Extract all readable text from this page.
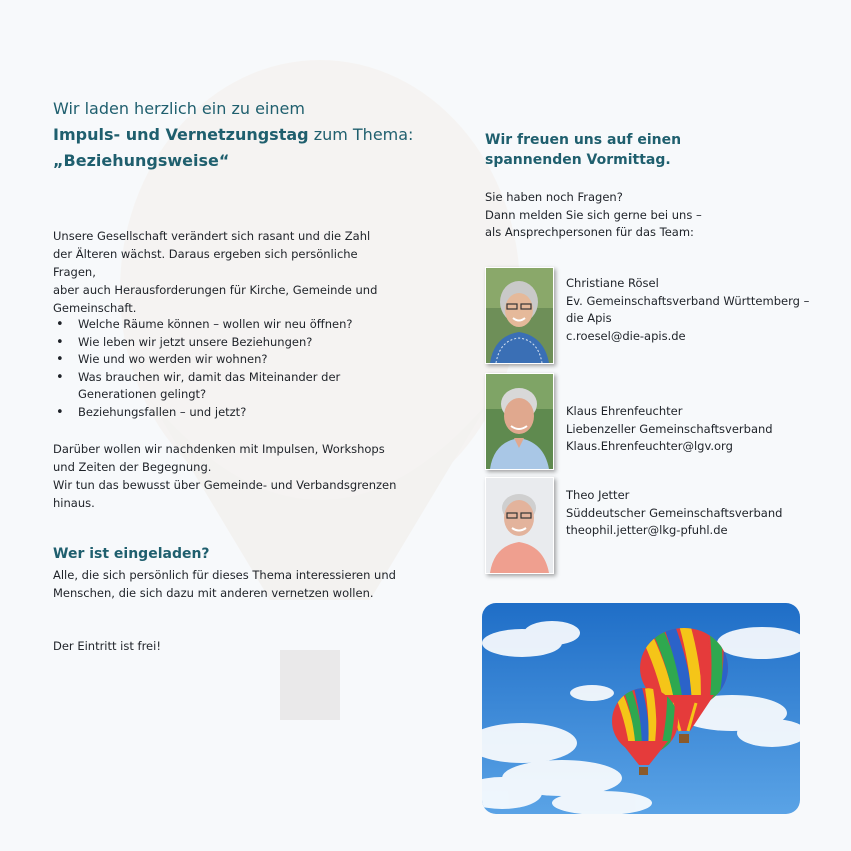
Wir laden herzlich ein zu einem
Impuls- und Vernetzungstag zum Thema:
„Beziehungsweise“
Unsere Gesellschaft verändert sich rasant und die Zahl
der Älteren wächst. Daraus ergeben sich persönliche Fragen,
aber auch Herausforderungen für Kirche, Gemeinde und
Gemeinschaft.
• Welche Räume können – wollen wir neu öffnen?
• Wie leben wir jetzt unsere Beziehungen?
• Wie und wo werden wir wohnen?
• Was brauchen wir, damit das Miteinander der
Generationen gelingt?
• Beziehungsfallen – und jetzt?
Darüber wollen wir nachdenken mit Impulsen, Workshops
und Zeiten der Begegnung.
Wir tun das bewusst über Gemeinde- und Verbandsgrenzen
hinaus.
Wer ist eingeladen?
Alle, die sich persönlich für dieses Thema interessieren und
Menschen, die sich dazu mit anderen vernetzen wollen.
Der Eintritt ist frei!
Wir freuen uns auf einen
spannenden Vormittag.
Sie haben noch Fragen?
Dann melden Sie sich gerne bei uns –
als Ansprechpersonen für das Team:
Christiane Rösel
Ev. Gemeinschaftsverband Württemberg –
die Apis
c.roesel@die-apis.de
Klaus Ehrenfeuchter
Liebenzeller Gemeinschaftsverband
Klaus.Ehrenfeuchter@lgv.org
Theo Jetter
Süddeutscher Gemeinschaftsverband
theophil.jetter@lkg-pfuhl.de
